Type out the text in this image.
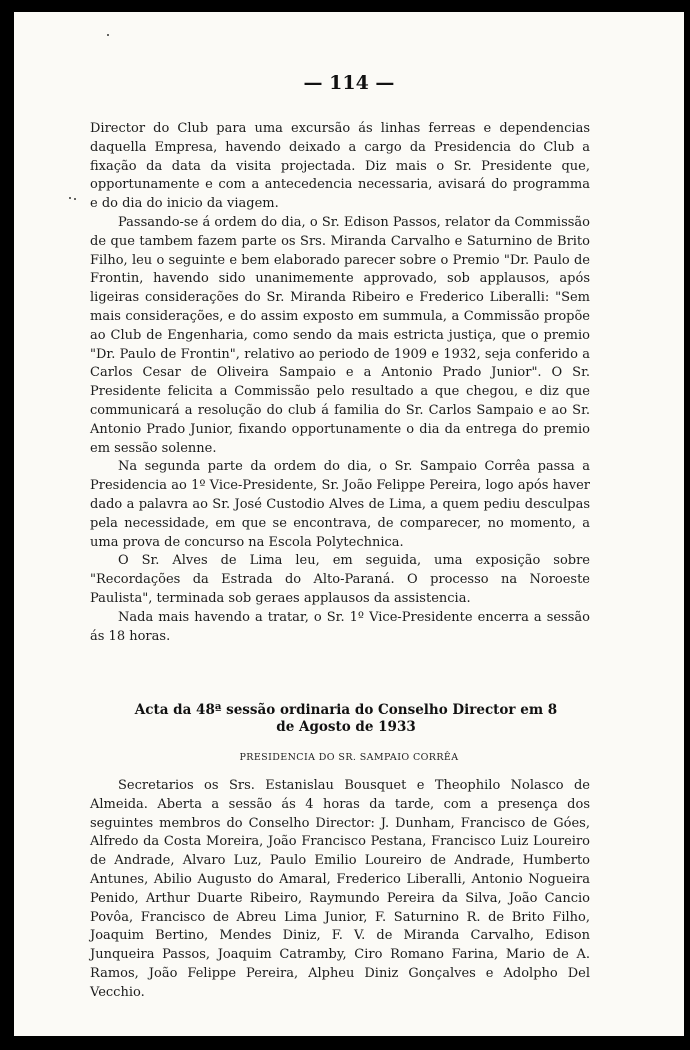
— 114 —

Director do Club para uma excursão ás linhas ferreas e dependencias daquella Empresa, havendo deixado a cargo da Presidencia do Club a fixação da data da visita projectada. Diz mais o Sr. Presidente que, opportunamente e com a antecedencia necessaria, avisará do programma e do dia do inicio da viagem.

Passando-se á ordem do dia, o Sr. Edison Passos, relator da Commissão de que tambem fazem parte os Srs. Miranda Carvalho e Saturnino de Brito Filho, leu o seguinte e bem elaborado parecer sobre o Premio "Dr. Paulo de Frontin, havendo sido unanimemente approvado, sob applausos, após ligeiras considerações do Sr. Miranda Ribeiro e Frederico Liberalli: "Sem mais considerações, e do assim exposto em summula, a Commissão propõe ao Club de Engenharia, como sendo da mais estricta justiça, que o premio "Dr. Paulo de Frontin", relativo ao periodo de 1909 e 1932, seja conferido a Carlos Cesar de Oliveira Sampaio e a Antonio Prado Junior". O Sr. Presidente felicita a Commissão pelo resultado a que chegou, e diz que communicará a resolução do club á familia do Sr. Carlos Sampaio e ao Sr. Antonio Prado Junior, fixando opportunamente o dia da entrega do premio em sessão solenne.

Na segunda parte da ordem do dia, o Sr. Sampaio Corrêa passa a Presidencia ao 1º Vice-Presidente, Sr. João Felippe Pereira, logo após haver dado a palavra ao Sr. José Custodio Alves de Lima, a quem pediu desculpas pela necessidade, em que se encontrava, de comparecer, no momento, a uma prova de concurso na Escola Polytechnica.

O Sr. Alves de Lima leu, em seguida, uma exposição sobre "Recordações da Estrada do Alto-Paraná. O processo na Noroeste Paulista", terminada sob geraes applausos da assistencia.

Nada mais havendo a tratar, o Sr. 1º Vice-Presidente encerra a sessão ás 18 horas.

Acta da 48ª sessão ordinaria do Conselho Director em 8
de Agosto de 1933
PRESIDENCIA DO SR. SAMPAIO CORRÊA

Secretarios os Srs. Estanislau Bousquet e Theophilo Nolasco de Almeida. Aberta a sessão ás 4 horas da tarde, com a presença dos seguintes membros do Conselho Director: J. Dunham, Francisco de Góes, Alfredo da Costa Moreira, João Francisco Pestana, Francisco Luiz Loureiro de Andrade, Alvaro Luz, Paulo Emilio Loureiro de Andrade, Humberto Antunes, Abilio Augusto do Amaral, Frederico Liberalli, Antonio Nogueira Penido, Arthur Duarte Ribeiro, Raymundo Pereira da Silva, João Cancio Povôa, Francisco de Abreu Lima Junior, F. Saturnino R. de Brito Filho, Joaquim Bertino, Mendes Diniz, F. V. de Miranda Carvalho, Edison Junqueira Passos, Joaquim Catramby, Ciro Romano Farina, Mario de A. Ramos, João Felippe Pereira, Alpheu Diniz Gonçalves e Adolpho Del Vecchio.
